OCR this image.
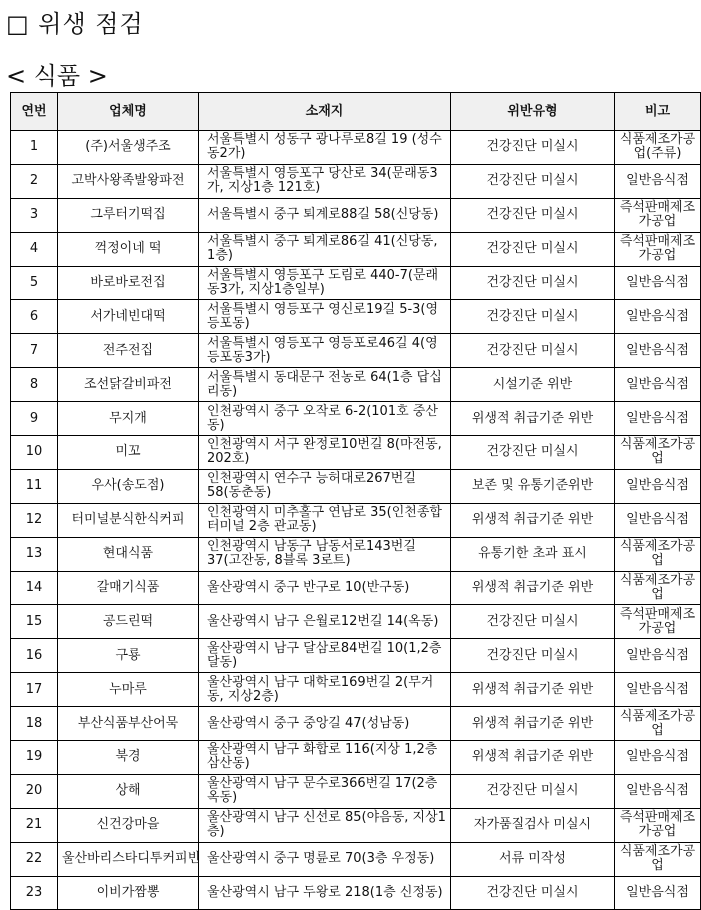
□ 위생 점검
< 식품 >
연번	업체명	소재지	위반유형	비고
1	(주)서울생주조	서울특별시 성동구 광나루로8길 19 (성수동2가)	건강진단 미실시	식품제조가공업(주류)
2	고박사왕족발왕파전	서울특별시 영등포구 당산로 34(문래동3가, 지상1층 121호)	건강진단 미실시	일반음식점
3	그루터기떡집	서울특별시 중구 퇴계로88길 58(신당동)	건강진단 미실시	즉석판매제조가공업
4	꺽정이네 떡	서울특별시 중구 퇴계로86길 41(신당동, 1층)	건강진단 미실시	즉석판매제조가공업
5	바로바로전집	서울특별시 영등포구 도림로 440-7(문래동3가, 지상1층일부)	건강진단 미실시	일반음식점
6	서가네빈대떡	서울특별시 영등포구 영신로19길 5-3(영등포동)	건강진단 미실시	일반음식점
7	전주전집	서울특별시 영등포구 영등포로46길 4(영등포동3가)	건강진단 미실시	일반음식점
8	조선닭갈비파전	서울특별시 동대문구 전농로 64(1층 답십리동)	시설기준 위반	일반음식점
9	무지개	인천광역시 중구 오작로 6-2(101호 중산동)	위생적 취급기준 위반	일반음식점
10	미꼬	인천광역시 서구 완정로10번길 8(마전동, 202호)	건강진단 미실시	식품제조가공업
11	우사(송도점)	인천광역시 연수구 능허대로267번길 58(동춘동)	보존 및 유통기준위반	일반음식점
12	터미널분식한식커피	인천광역시 미추홀구 연남로 35(인천종합터미널 2층 관교동)	위생적 취급기준 위반	일반음식점
13	현대식품	인천광역시 남동구 남동서로143번길 37(고잔동, 8블록 3로트)	유통기한 초과 표시	식품제조가공업
14	갈매기식품	울산광역시 중구 반구로 10(반구동)	위생적 취급기준 위반	식품제조가공업
15	공드린떡	울산광역시 남구 은월로12번길 14(옥동)	건강진단 미실시	즉석판매제조가공업
16	구룡	울산광역시 남구 달삼로84번길 10(1,2층 달동)	건강진단 미실시	일반음식점
17	누마루	울산광역시 남구 대학로169번길 2(무거동, 지상2층)	위생적 취급기준 위반	일반음식점
18	부산식품부산어묵	울산광역시 중구 중앙길 47(성남동)	위생적 취급기준 위반	식품제조가공업
19	북경	울산광역시 남구 화합로 116(지상 1,2층 삼산동)	위생적 취급기준 위반	일반음식점
20	상해	울산광역시 남구 문수로366번길 17(2층 옥동)	건강진단 미실시	일반음식점
21	신건강마을	울산광역시 남구 신선로 85(야음동, 지상1층)	자가품질검사 미실시	즉석판매제조가공업
22	울산바리스타디투커피빈	울산광역시 중구 명륜로 70(3층 우정동)	서류 미작성	식품제조가공업
23	이비가짬뽕	울산광역시 남구 두왕로 218(1층 신정동)	건강진단 미실시	일반음식점
